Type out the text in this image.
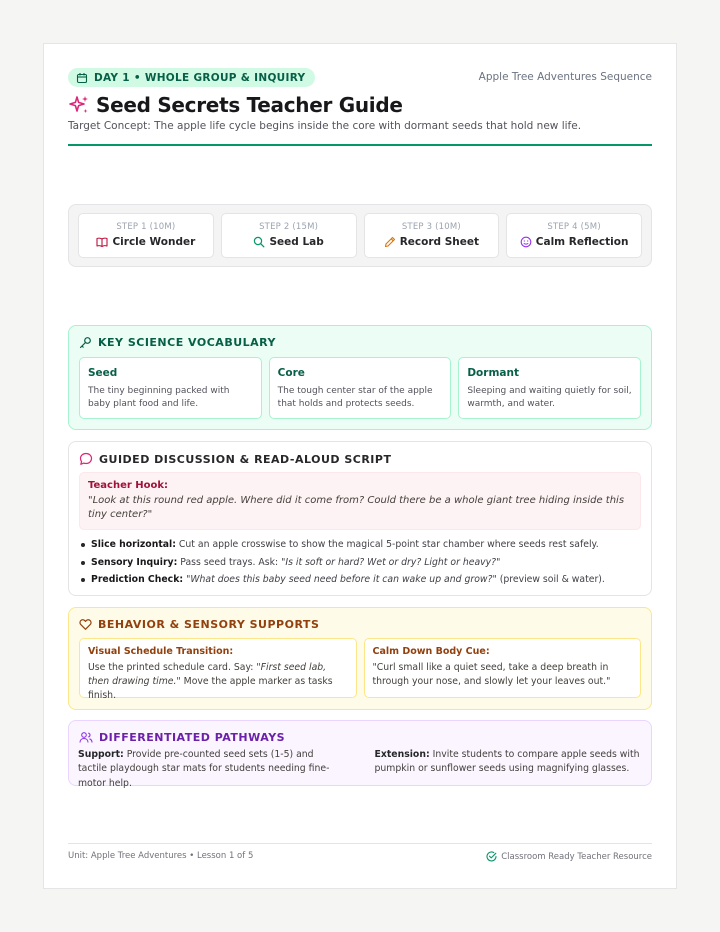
DAY 1 • WHOLE GROUP & INQUIRY	Apple Tree Adventures Sequence
Seed Secrets Teacher Guide
Target Concept: The apple life cycle begins inside the core with dormant seeds that hold new life.
STEP 1 (10M)
Circle Wonder
STEP 2 (15M)
Seed Lab
STEP 3 (10M)
Record Sheet
STEP 4 (5M)
Calm Reflection
KEY SCIENCE VOCABULARY
Seed
The tiny beginning packed with baby plant food and life.
Core
The tough center star of the apple that holds and protects seeds.
Dormant
Sleeping and waiting quietly for soil, warmth, and water.
GUIDED DISCUSSION & READ-ALOUD SCRIPT
Teacher Hook:
"Look at this round red apple. Where did it come from? Could there be a whole giant tree hiding inside this tiny center?"
Slice horizontal: Cut an apple crosswise to show the magical 5-point star chamber where seeds rest safely.
Sensory Inquiry: Pass seed trays. Ask: "Is it soft or hard? Wet or dry? Light or heavy?"
Prediction Check: "What does this baby seed need before it can wake up and grow?" (preview soil & water).
BEHAVIOR & SENSORY SUPPORTS
Visual Schedule Transition:
Use the printed schedule card. Say: "First seed lab, then drawing time." Move the apple marker as tasks finish.
Calm Down Body Cue:
"Curl small like a quiet seed, take a deep breath in through your nose, and slowly let your leaves out."
DIFFERENTIATED PATHWAYS
Support: Provide pre-counted seed sets (1-5) and tactile playdough star mats for students needing fine-motor help.
Extension: Invite students to compare apple seeds with pumpkin or sunflower seeds using magnifying glasses.
Unit: Apple Tree Adventures • Lesson 1 of 5	Classroom Ready Teacher Resource
